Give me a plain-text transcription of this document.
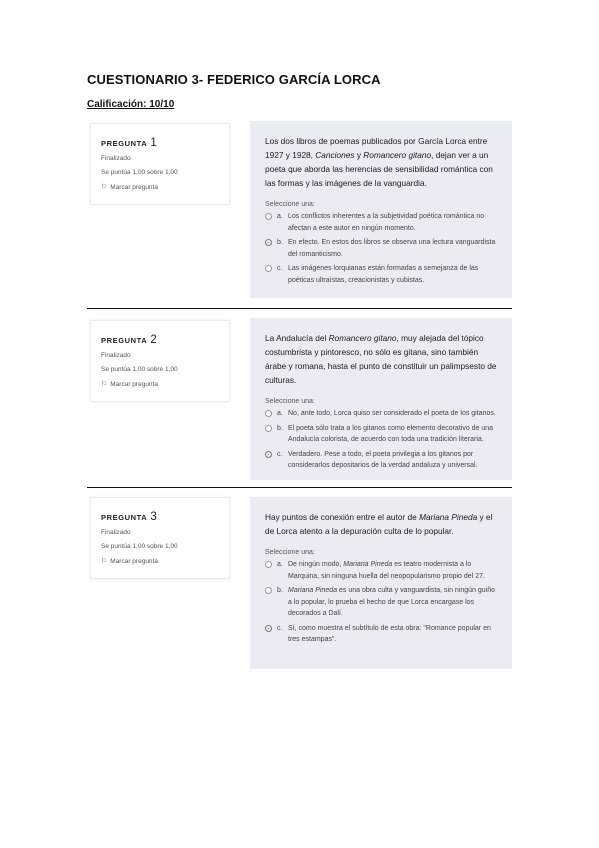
CUESTIONARIO 3- FEDERICO GARCÍA LORCA
Calificación: 10/10
PREGUNTA 1
Finalizado
Se puntúa 1,00 sobre 1,00
⚐ Marcar pregunta
Los dos libros de poemas publicados por García Lorca entre 1927 y 1928, Canciones y Romancero gitano, dejan ver a un poeta que aborda las herencias de sensibilidad romántica con las formas y las imágenes de la vanguardia.
Seleccione una:
a. Los conflictos inherentes a la subjetividad poética romántica no afectan a este autor en ningún momento.
b. En efecto. En estos dos libros se observa una lectura vanguardista del romanticismo.
c. Las imágenes lorquianas están formadas a semejanza de las poéticas ultraístas, creacionistas y cubistas.
PREGUNTA 2
Finalizado
Se puntúa 1,00 sobre 1,00
⚐ Marcar pregunta
La Andalucía del Romancero gitano, muy alejada del tópico costumbrista y pintoresco, no sólo es gitana, sino también árabe y romana, hasta el punto de constituir un palimpsesto de culturas.
Seleccione una:
a. No, ante todo, Lorca quiso ser considerado el poeta de los gitanos.
b. El poeta sólo trata a los gitanos como elemento decorativo de una Andalucía colorista, de acuerdo con toda una tradición literaria.
c. Verdadero. Pese a todo, el poeta privilegia a los gitanos por considerarlos depositarios de la verdad andaluza y universal.
PREGUNTA 3
Finalizado
Se puntúa 1,00 sobre 1,00
⚐ Marcar pregunta
Hay puntos de conexión entre el autor de Mariana Pineda y el de Lorca atento a la depuración culta de lo popular.
Seleccione una:
a. De ningún modo, Mariana Pineda es teatro modernista a lo Marquina, sin ninguna huella del neopopularismo propio del 27.
b. Mariana Pineda es una obra culta y vanguardista, sin ningún guiño a lo popular, lo prueba el hecho de que Lorca encargase los decorados a Dalí.
c. Sí, como muestra el subtítulo de esta obra: "Romance popular en tres estampas".
